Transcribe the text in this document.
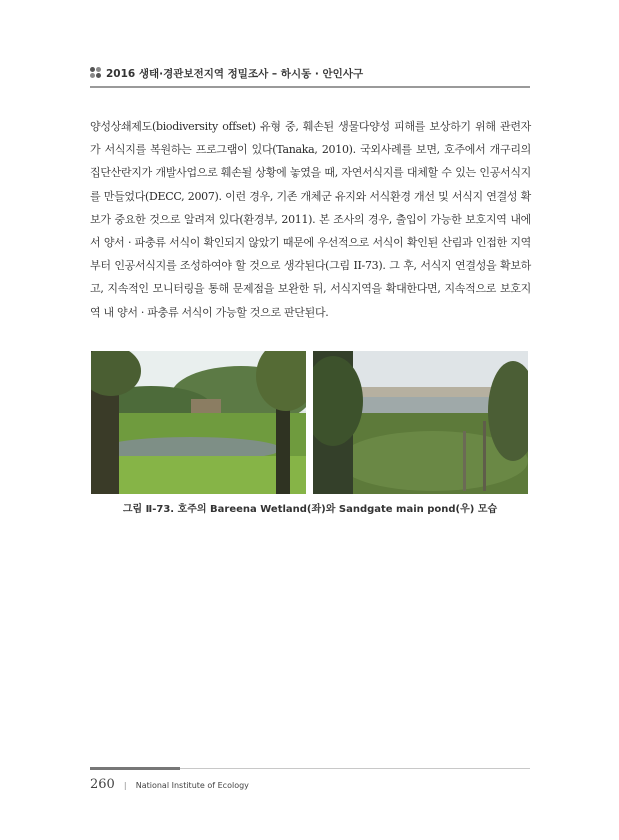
2016 생태·경관보전지역 정밀조사 – 하시동 · 안인사구
양성상쇄제도(biodiversity offset) 유형 중, 훼손된 생물다양성 피해를 보상하기 위해 관련자가 서식지를 복원하는 프로그램이 있다(Tanaka, 2010). 국외사례를 보면, 호주에서 개구리의 집단산란지가 개발사업으로 훼손될 상황에 놓였을 때, 자연서식지를 대체할 수 있는 인공서식지를 만들었다(DECC, 2007). 이런 경우, 기존 개체군 유지와 서식환경 개선 및 서식지 연결성 확보가 중요한 것으로 알려져 있다(환경부, 2011). 본 조사의 경우, 출입이 가능한 보호지역 내에서 양서 · 파충류 서식이 확인되지 않았기 때문에 우선적으로 서식이 확인된 산림과 인접한 지역부터 인공서식지를 조성하여야 할 것으로 생각된다(그림 II-73). 그 후, 서식지 연결성을 확보하고, 지속적인 모니터링을 통해 문제점을 보완한 뒤, 서식지역을 확대한다면, 지속적으로 보호지역 내 양서 · 파충류 서식이 가능할 것으로 판단된다.
그림 Ⅱ-73. 호주의 Bareena Wetland(좌)와 Sandgate main pond(우) 모습
260 | National Institute of Ecology
